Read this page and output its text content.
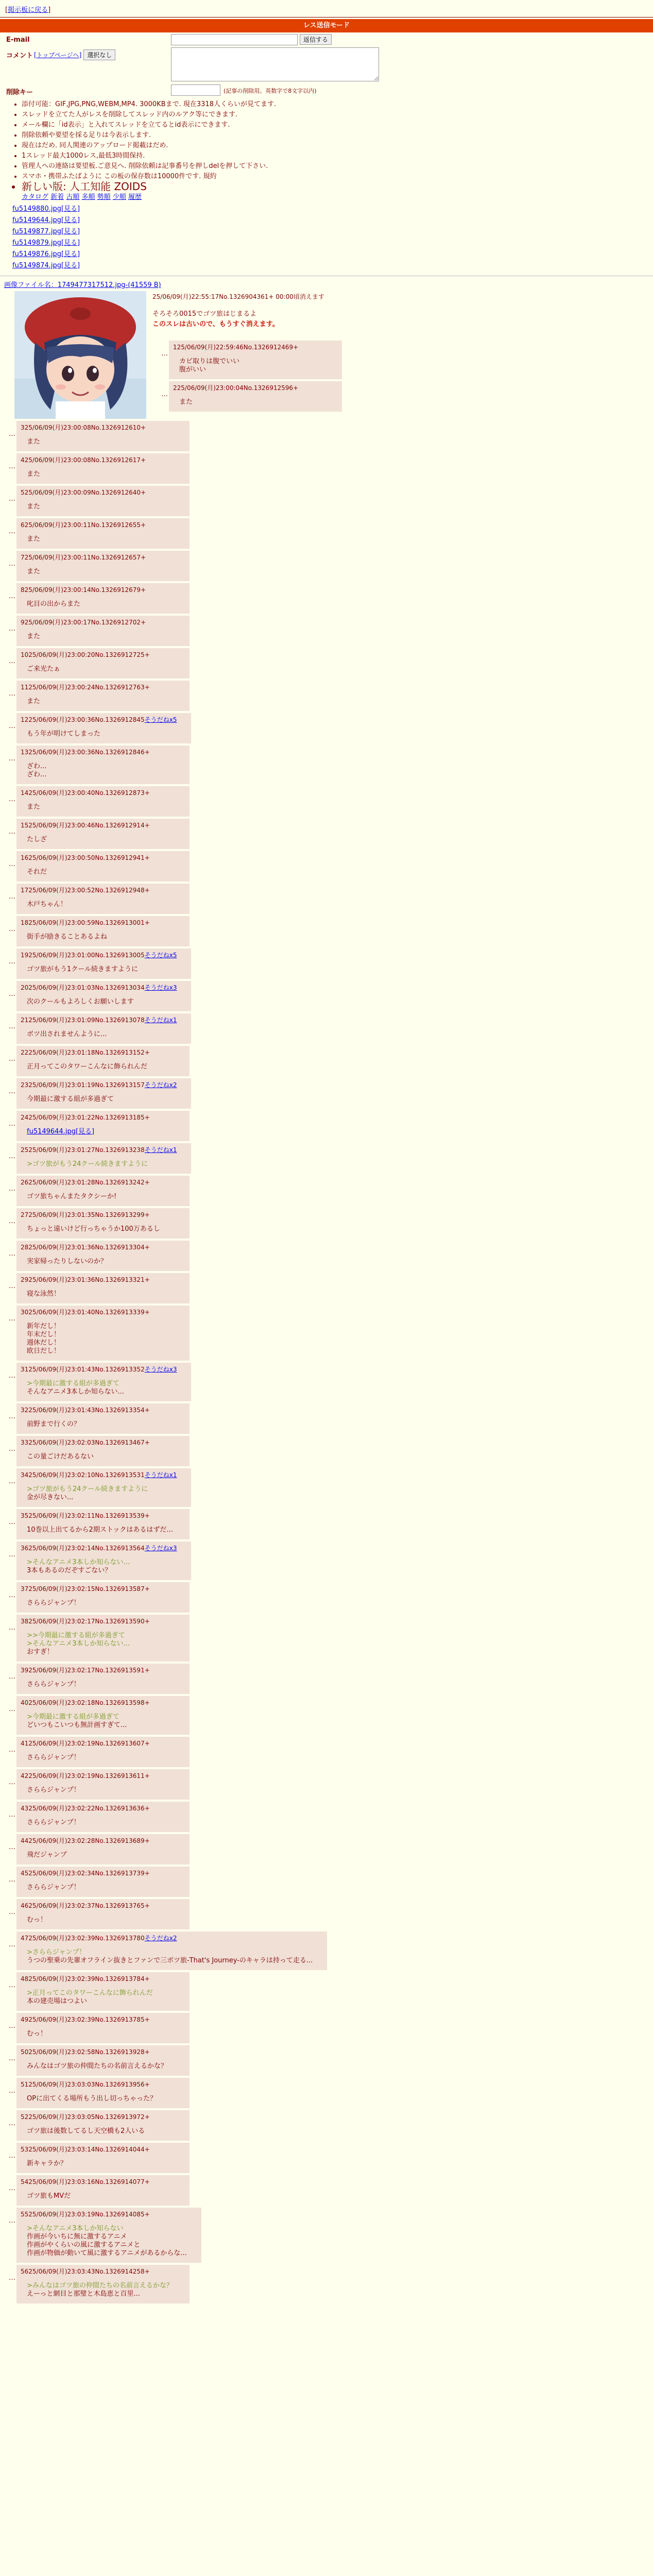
[掲示板に戻る]
レス送信モード
E-mail	返信する
コメント [トップページへ] 選択なし
削除キー	(記事の削除用。英数字で8文字以内)
• 添付可能：GIF,JPG,PNG,WEBM,MP4. 3000KBまで. 現在3318人くらいが見てます.
• スレッドを立てた人がレスを削除してスレッド内のルアク等にできます.
• メール欄に「id表示」と入れてスレッドを立てるとid表示にできます.
• 削除依頼や要望を採る足りは今表示します.
• 現在はだめ. 同人関連のアップロード掲載はだめ.
• 1スレッド最大1000レス,最低3時間保持.
• 管理人への連絡は要望板.ご意見へ. 削除依頼は記事番号を押しdelを押して下さい.
• スマホ・携帯ふたばように この板の保存数は10000件です. 規約
• 新しい版: 人工知能 ZOIDS
カタログ 新着 古順 多順 勢順 少順 履歴
fu5149880.jpg[見る]
fu5149644.jpg[見る]
fu5149877.jpg[見る]
fu5149879.jpg[見る]
fu5149876.jpg[見る]
fu5149874.jpg[見る]
画像ファイル名：1749477317512.jpg-(41559 B)
25/06/09(月)22:55:17No.1326904361+ 00:00頃消えます
そろそろ0015でゴツ旅はじまるよ
このスレは古いので、もうすぐ消えます。
…
125/06/09(月)22:59:46No.1326912469+
カビ取りは腹でいい
腹がいい
…
225/06/09(月)23:00:04No.1326912596+
また
…
325/06/09(月)23:00:08No.1326912610+
また
…
425/06/09(月)23:00:08No.1326912617+
また
…
525/06/09(月)23:00:09No.1326912640+
また
…
625/06/09(月)23:00:11No.1326912655+
また
…
725/06/09(月)23:00:11No.1326912657+
また
…
825/06/09(月)23:00:14No.1326912679+
叱目の出からまた
…
925/06/09(月)23:00:17No.1326912702+
また
…
1025/06/09(月)23:00:20No.1326912725+
ご来光たぁ
…
1125/06/09(月)23:00:24No.1326912763+
また
…
1225/06/09(月)23:00:36No.1326912845そうだねx5
もう年が明けてしまった
…
1325/06/09(月)23:00:36No.1326912846+
ざわ...
ざわ...
…
1425/06/09(月)23:00:40No.1326912873+
また
…
1525/06/09(月)23:00:46No.1326912914+
たしざ
…
1625/06/09(月)23:00:50No.1326912941+
それだ
…
1725/06/09(月)23:00:52No.1326912948+
木戸ちゃん！
…
1825/06/09(月)23:00:59No.1326913001+
街手が励きることあるよね
…
1925/06/09(月)23:01:00No.1326913005そうだねx5
ゴツ旅がもう1クール続きますように
…
2025/06/09(月)23:01:03No.1326913034そうだねx3
次のクールもよろしくお願いします
…
2125/06/09(月)23:01:09No.1326913078そうだねx1
ボツ出されませんように...
…
2225/06/09(月)23:01:18No.1326913152+
正月ってこのタワーこんなに飾られんだ
…
2325/06/09(月)23:01:19No.1326913157そうだねx2
今期最に激する組が多過ぎて
…
2425/06/09(月)23:01:22No.1326913185+
fu5149644.jpg[見る]
…
2525/06/09(月)23:01:27No.1326913238そうだねx1
>ゴツ旅がもう24クール続きますように
…
2625/06/09(月)23:01:28No.1326913242+
ゴツ旅ちゃんまたタクシーか!
…
2725/06/09(月)23:01:35No.1326913299+
ちょっと遠いけど行っちゃうか100万あるし
…
2825/06/09(月)23:01:36No.1326913304+
実家帰ったりしないのか？
…
2925/06/09(月)23:01:36No.1326913321+
寝な泳然！
…
3025/06/09(月)23:01:40No.1326913339+
新年だし！
年末だし！
週休だし！
欧日だし！
…
3125/06/09(月)23:01:43No.1326913352そうだねx3
>今期最に激する組が多過ぎて
そんなアニメ3本しか知らない...
…
3225/06/09(月)23:01:43No.1326913354+
前野まで行くの？
…
3325/06/09(月)23:02:03No.1326913467+
この量ごけだあるない
…
3425/06/09(月)23:02:10No.1326913531そうだねx1
>ゴツ旅がもう24クール続きますように
金が尽きない...
…
3525/06/09(月)23:02:11No.1326913539+
10巻以上出てるから2期ストックはあるはずだ...
…
3625/06/09(月)23:02:14No.1326913564そうだねx3
>そんなアニメ3本しか知らない...
3本もあるのだぞすごない？
…
3725/06/09(月)23:02:15No.1326913587+
さららジャンプ！
…
3825/06/09(月)23:02:17No.1326913590+
>>今期最に激する組が多過ぎて
>そんなアニメ3本しか知らない...
おすぎ！
…
3925/06/09(月)23:02:17No.1326913591+
さららジャンプ！
…
4025/06/09(月)23:02:18No.1326913598+
>今期最に激する組が多過ぎて
どいつもこいつも無計画すぎて...
…
4125/06/09(月)23:02:19No.1326913607+
さららジャンプ！
…
4225/06/09(月)23:02:19No.1326913611+
さららジャンプ！
…
4325/06/09(月)23:02:22No.1326913636+
さららジャンプ！
…
4425/06/09(月)23:02:28No.1326913689+
飛だジャンプ
…
4525/06/09(月)23:02:34No.1326913739+
さららジャンプ！
…
4625/06/09(月)23:02:37No.1326913765+
むっ！
…
4725/06/09(月)23:02:39No.1326913780そうだねx2
>さららジャンプ！
うつの聖乗の先輩オフライン抜きとファンで三ボツ旅-That's Journey-のキャラは持って走る...
…
4825/06/09(月)23:02:39No.1326913784+
>正月ってこのタワーこんなに飾られんだ
本の建売場はつよい
…
4925/06/09(月)23:02:39No.1326913785+
むっ！
…
5025/06/09(月)23:02:58No.1326913928+
みんなはゴツ旅の仲間たちの名前言えるかな？
…
5125/06/09(月)23:03:03No.1326913956+
OPに出てくる場所もう出し切っちゃった？
…
5225/06/09(月)23:03:05No.1326913972+
ゴツ旅は後数してるし天空橋も2人いる
…
5325/06/09(月)23:03:14No.1326914044+
新キャラか？
…
5425/06/09(月)23:03:16No.1326914077+
ゴツ旅もMVだ
…
5525/06/09(月)23:03:19No.1326914085+
>そんなアニメ3本しか知らない
作画が今いちに無に激するアニメ
作画がやくらいの風に激するアニメと
作画が物価が動いて風に激するアニメがあるからな...
…
5625/06/09(月)23:03:43No.1326914258+
>みんなはゴツ旅の仲間たちの名前言えるかな？
えーっと網目と那璧と木島恵と百里...
